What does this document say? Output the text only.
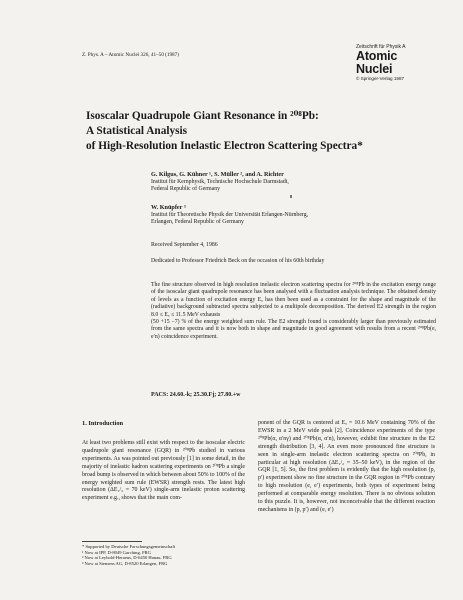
Z. Phys. A – Atomic Nuclei 326, 41–50 (1987)
Zeitschrift für Physik A
Atomic Nuclei
© Springer-Verlag 1987
Isoscalar Quadrupole Giant Resonance in ²⁰⁸Pb:
A Statistical Analysis
of High-Resolution Inelastic Electron Scattering Spectra*
G. Kilgus, G. Kühner ¹, S. Müller ², and A. Richter
Institut für Kernphysik, Technische Hochschule Darmstadt,
Federal Republic of Germany
W. Knüpfer ³
Institut für Theoretische Physik der Universität Erlangen-Nürnberg,
Erlangen, Federal Republic of Germany
Received September 4, 1986
Dedicated to Professor Friedrich Beck on the occasion of his 60th birthday
The fine structure observed in high resolution inelastic electron scattering spectra for ²⁰⁸Pb in the excitation energy range of the isoscalar giant quadrupole resonance has been analysed with a fluctuation analysis technique. The obtained density of levels as a function of excitation energy Eₓ has then been used as a constraint for the shape and magnitude of the (radiative) background subtracted spectra subjected to a multipole decomposition. The derived E2 strength in the region 8.0 ≤ Eₓ ≤ 11.5 MeV exhausts
(50 +15 −7) % of the energy weighted sum rule. The E2 strength found is considerably larger than previously estimated from the same spectra and it is now both in shape and magnitude in good agreement with results from a recent ²⁰⁸Pb(e, e′n) coincidence experiment.
PACS: 24.60.-k; 25.30.Fj; 27.80.+w
1. Introduction
At least two problems still exist with respect to the isoscalar electric quadrupole giant resonance (GQR) in ²⁰⁸Pb studied in various experiments. As was pointed out previously [1] in some detail, in the majority of inelastic hadron scattering experiments on ²⁰⁸Pb a single broad bump is observed in which between about 50% to 100% of the energy weighted sum rule (EWSR) strength rests. The latest high resolution (ΔE₁/₂ = 70 keV) single-arm inelastic proton scattering experiment e.g., shows that the main com-
ponent of the GQR is centered at Eₓ = 10.6 MeV containing 70% of the EWSR in a 2 MeV wide peak [2]. Coincidence experiments of the type ²⁰⁸Pb(α, α′nγ) and ²⁰⁸Pb(α, α′n), however, exhibit fine structure in the E2 strength distribution [3, 4]. An even more pronounced fine structure is seen in single-arm inelastic electron scattering spectra on ²⁰⁸Pb, in particular at high resolution (ΔE₁/₂ = 35–50 keV), in the region of the GQR [1, 5]. So, the first problem is evidently that the high resolution (p, p′) experiment show no fine structure in the GQR region in ²⁰⁸Pb contrary to high resolution (e, e′) experiments, both types of experiment being performed at comparable energy resolution. There is no obvious solution to this puzzle. It is, however, not inconceivable that the different reaction mechanisms in (p, p′) and (e, e′)
* Supported by Deutsche Forschungsgemeinschaft
¹ Now at IPP, D-8049 Garching, FRG
² Now at Leybold-Heraeus, D-6450 Hanau, FRG
³ Now at Siemens AG, D-8520 Erlangen, FRG
